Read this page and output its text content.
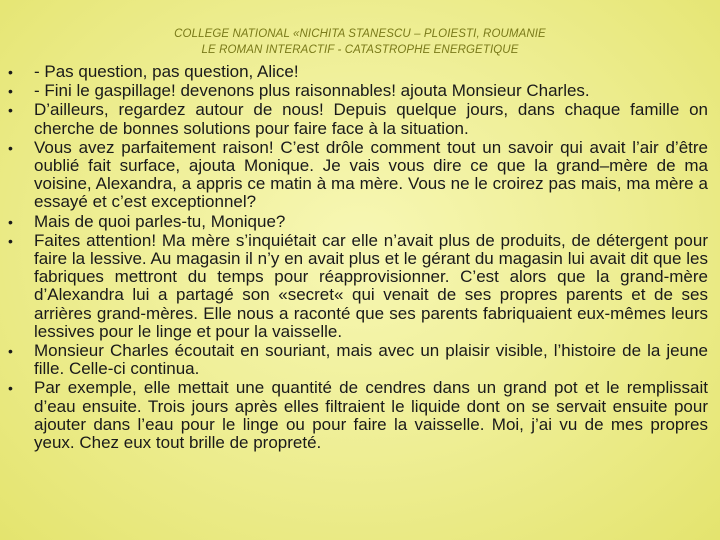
COLLEGE NATIONAL «NICHITA STANESCU – PLOIESTI, ROUMANIE
LE ROMAN INTERACTIF - CATASTROPHE ENERGETIQUE
•	- Pas question, pas question, Alice!
•	- Fini le gaspillage! devenons plus raisonnables! ajouta Monsieur Charles.
•	D’ailleurs, regardez autour de nous! Depuis quelque jours, dans chaque famille on cherche de bonnes solutions pour faire face à la situation.
•	Vous avez parfaitement raison! C’est drôle comment tout un savoir qui avait l’air d’être oublié fait surface, ajouta Monique. Je vais vous dire ce que la grand–mère de ma voisine, Alexandra, a appris ce matin à ma mère. Vous ne le croirez pas mais, ma mère a essayé et c’est exceptionnel?
•	Mais de quoi parles-tu, Monique?
•	Faites attention! Ma mère s’inquiétait car elle n’avait plus de produits, de détergent pour faire la lessive. Au magasin il n’y en avait plus et le gérant du magasin lui avait dit que les fabriques mettront du temps pour réapprovisionner. C’est alors que la grand-mère d’Alexandra lui a partagé son «secret« qui venait de ses propres parents et de ses arrières grand-mères. Elle nous a raconté que ses parents fabriquaient eux-mêmes leurs lessives pour le linge et pour la vaisselle.
•	Monsieur Charles écoutait en souriant, mais avec un plaisir visible, l’histoire de la jeune fille. Celle-ci continua.
•	Par exemple, elle mettait une quantité de cendres dans un grand pot et le remplissait d’eau ensuite. Trois jours après elles filtraient le liquide dont on se servait ensuite pour ajouter dans l’eau pour le linge ou pour faire la vaisselle. Moi, j’ai vu de mes propres yeux. Chez eux tout brille de propreté.
